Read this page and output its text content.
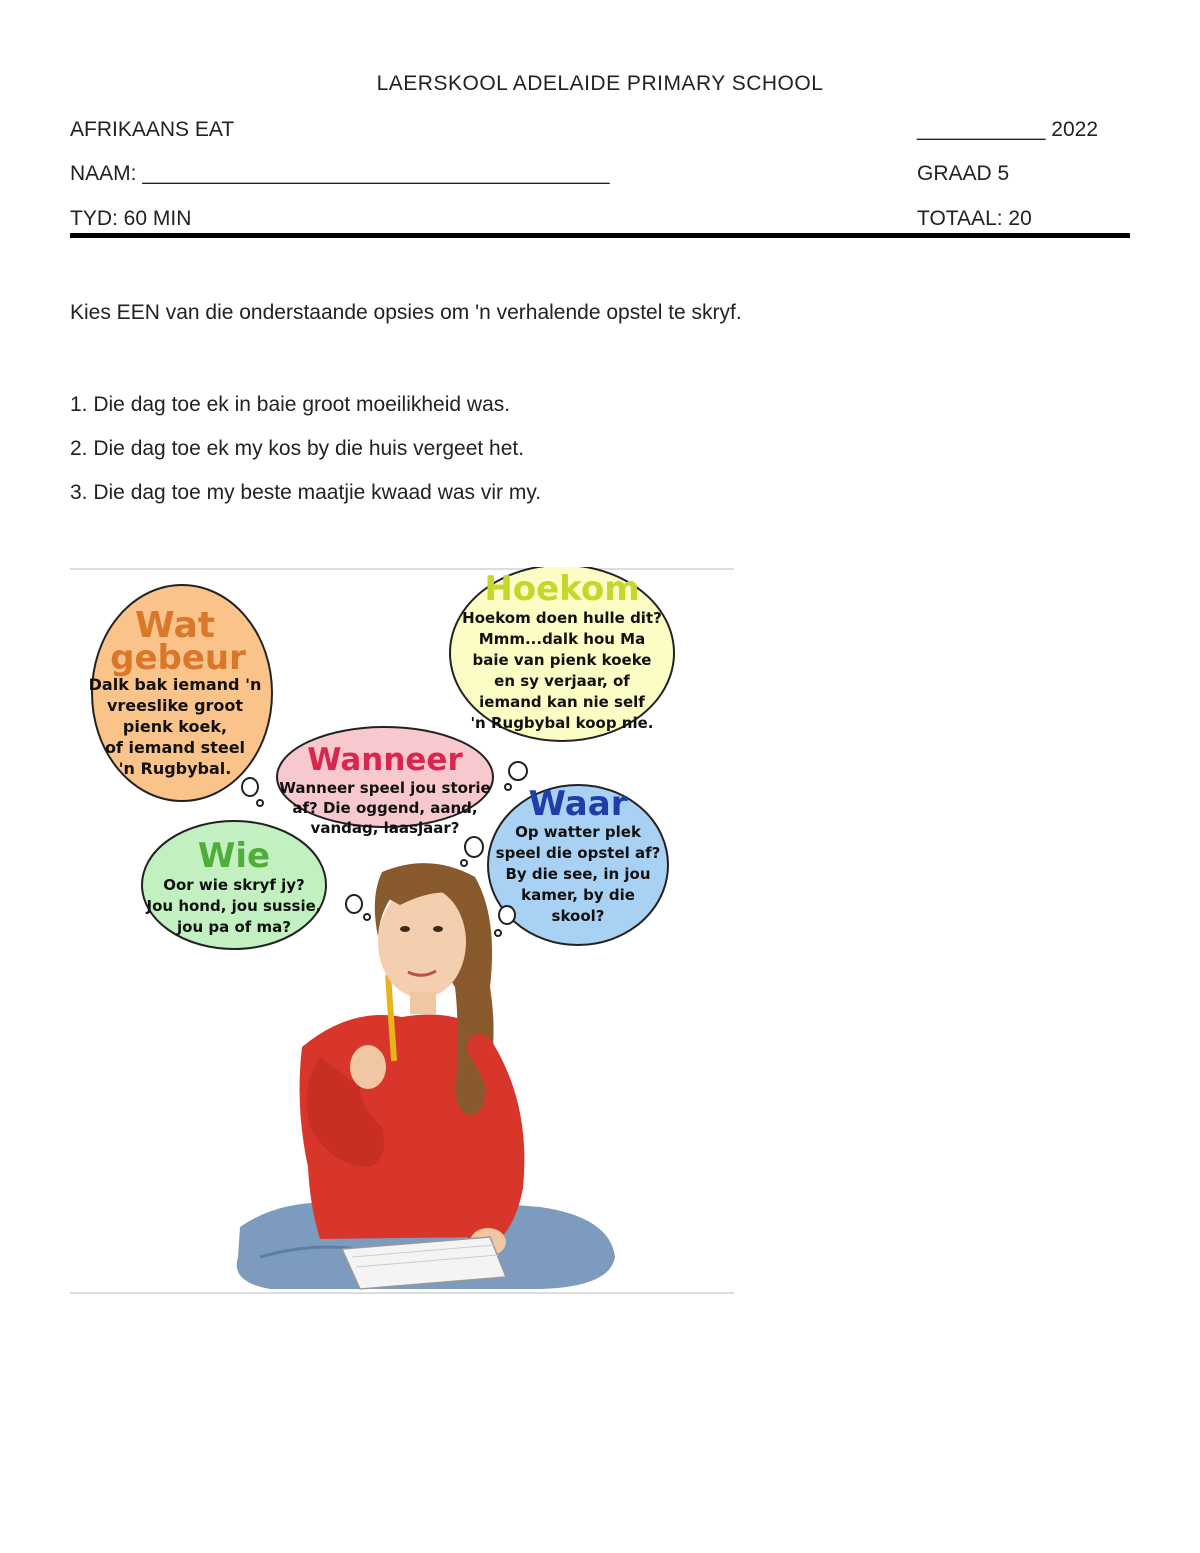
LAERSKOOL ADELAIDE PRIMARY SCHOOL
AFRIKAANS EAT	___________ 2022
NAAM: ________________________________________	GRAAD 5
TYD: 60 MIN	TOTAAL: 20
Kies EEN van die onderstaande opsies om 'n verhalende opstel te skryf.
1. Die dag toe ek in baie groot moeilikheid was.
2. Die dag toe ek my kos by die huis vergeet het.
3. Die dag toe my beste maatjie kwaad was vir my.
Wat
gebeur
Dalk bak iemand 'n
vreeslike groot
pienk koek,
of iemand steel
'n Rugbybal.
Hoekom
Hoekom doen hulle dit?
Mmm...dalk hou Ma
baie van pienk koeke
en sy verjaar, of
iemand kan nie self
'n Rugbybal koop nie.
Wanneer
Wanneer speel jou storie
af? Die oggend, aand,
vandag, laasjaar?
Waar
Op watter plek
speel die opstel af?
By die see, in jou
kamer, by die
skool?
Wie
Oor wie skryf jy?
Jou hond, jou sussie,
jou pa of ma?
